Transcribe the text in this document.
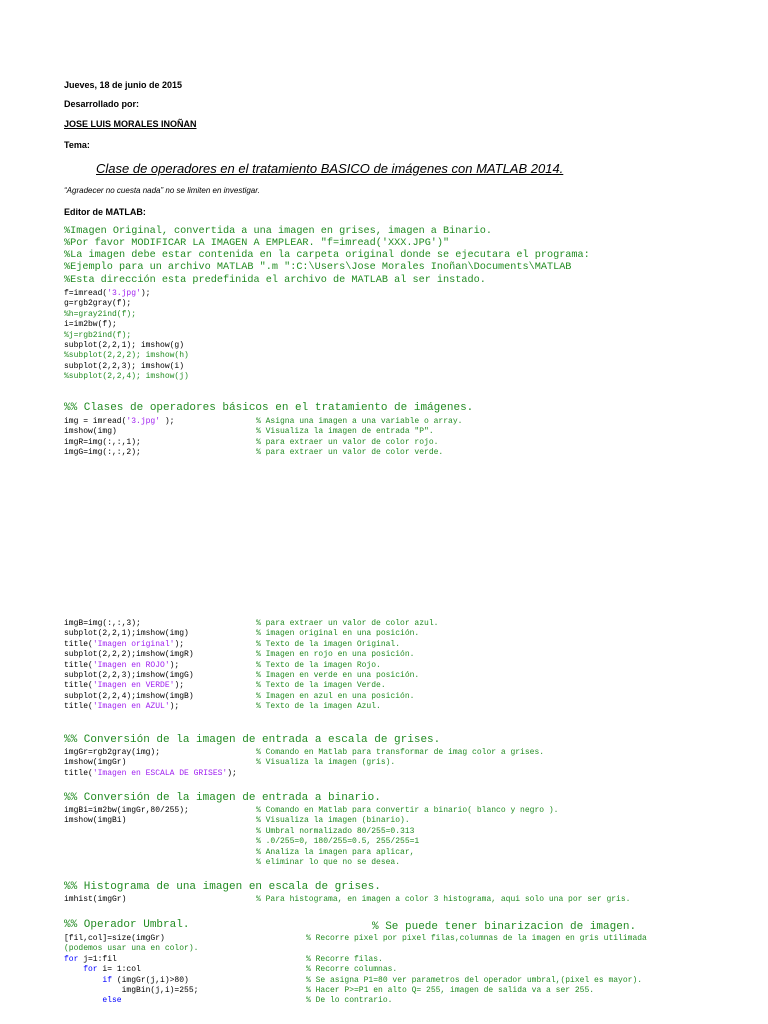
Jueves, 18 de junio de 2015
Desarrollado por:
JOSE LUIS MORALES INOÑAN
Tema:
Clase de operadores en el tratamiento BASICO de imágenes con MATLAB 2014.
“Agradecer no cuesta nada” no se limiten en investigar.
Editor de MATLAB:
%Imagen Original, convertida a una imagen en grises, imagen a Binario.
%Por favor MODIFICAR LA IMAGEN A EMPLEAR. "f=imread('XXX.JPG')"
%La imagen debe estar contenida en la carpeta original donde se ejecutara el programa:
%Ejemplo para un archivo MATLAB ".m ":C:\Users\Jose Morales Inoñan\Documents\MATLAB
%Esta dirección esta predefinida el archivo de MATLAB al ser instado.
f=imread('3.jpg');
g=rgb2gray(f);
%h=gray2ind(f);
i=im2bw(f);
%j=rgb2ind(f);
subplot(2,2,1); imshow(g)
%subplot(2,2,2); imshow(h)
subplot(2,2,3); imshow(i)
%subplot(2,2,4); imshow(j)
%% Clases de operadores básicos en el tratamiento de imágenes.
img = imread('3.jpg' );	% Asigna una imagen a una variable o array.
imshow(img)	% Visualiza la imagen de entrada "P".
imgR=img(:,:,1);	% para extraer un valor de color rojo.
imgG=img(:,:,2);	% para extraer un valor de color verde.
imgB=img(:,:,3);	% para extraer un valor de color azul.
subplot(2,2,1);imshow(img)	% imagen original en una posición.
title('Imagen original');	% Texto de la imagen Original.
subplot(2,2,2);imshow(imgR)	% Imagen en rojo en una posición.
title('Imagen en ROJO');	% Texto de la imagen Rojo.
subplot(2,2,3);imshow(imgG)	% Imagen en verde en una posición.
title('Imagen en VERDE');	% Texto de la imagen Verde.
subplot(2,2,4);imshow(imgB)	% Imagen en azul en una posición.
title('Imagen en AZUL');	% Texto de la imagen Azul.
%% Conversión de la imagen de entrada a escala de grises.
imgGr=rgb2gray(img);	% Comando en Matlab para transformar de imag color a grises.
imshow(imgGr)	% Visualiza la imagen (gris).
title('Imagen en ESCALA DE GRISES');
%% Conversión de la imagen de entrada a binario.
imgBi=im2bw(imgGr,80/255);	% Comando en Matlab para convertir a binario( blanco y negro ).
imshow(imgBi)	% Visualiza la imagen (binario).
% Umbral normalizado 80/255=0.313
% .0/255=0, 180/255=0.5, 255/255=1
% Analiza la imagen para aplicar,
% eliminar lo que no se desea.
%% Histograma de una imagen en escala de grises.
imhist(imgGr)	% Para histograma, en imagen a color 3 histograma, aqui solo una por ser gris.
%% Operador Umbral.	% Se puede tener binarizacion de imagen.
[fil,col]=size(imgGr)	% Recorre pixel por pixel filas,columnas de la imagen en gris utilimada
(podemos usar una en color).
for j=1:fil	% Recorre filas.
for i= 1:col	% Recorre columnas.
if (imgGr(j,i)>80)	% Se asigna P1=80 ver parametros del operador umbral,(pixel es mayor).
imgBin(j,i)=255;	% Hacer P>=P1 en alto Q= 255, imagen de salida va a ser 255.
else	% De lo contrario.
